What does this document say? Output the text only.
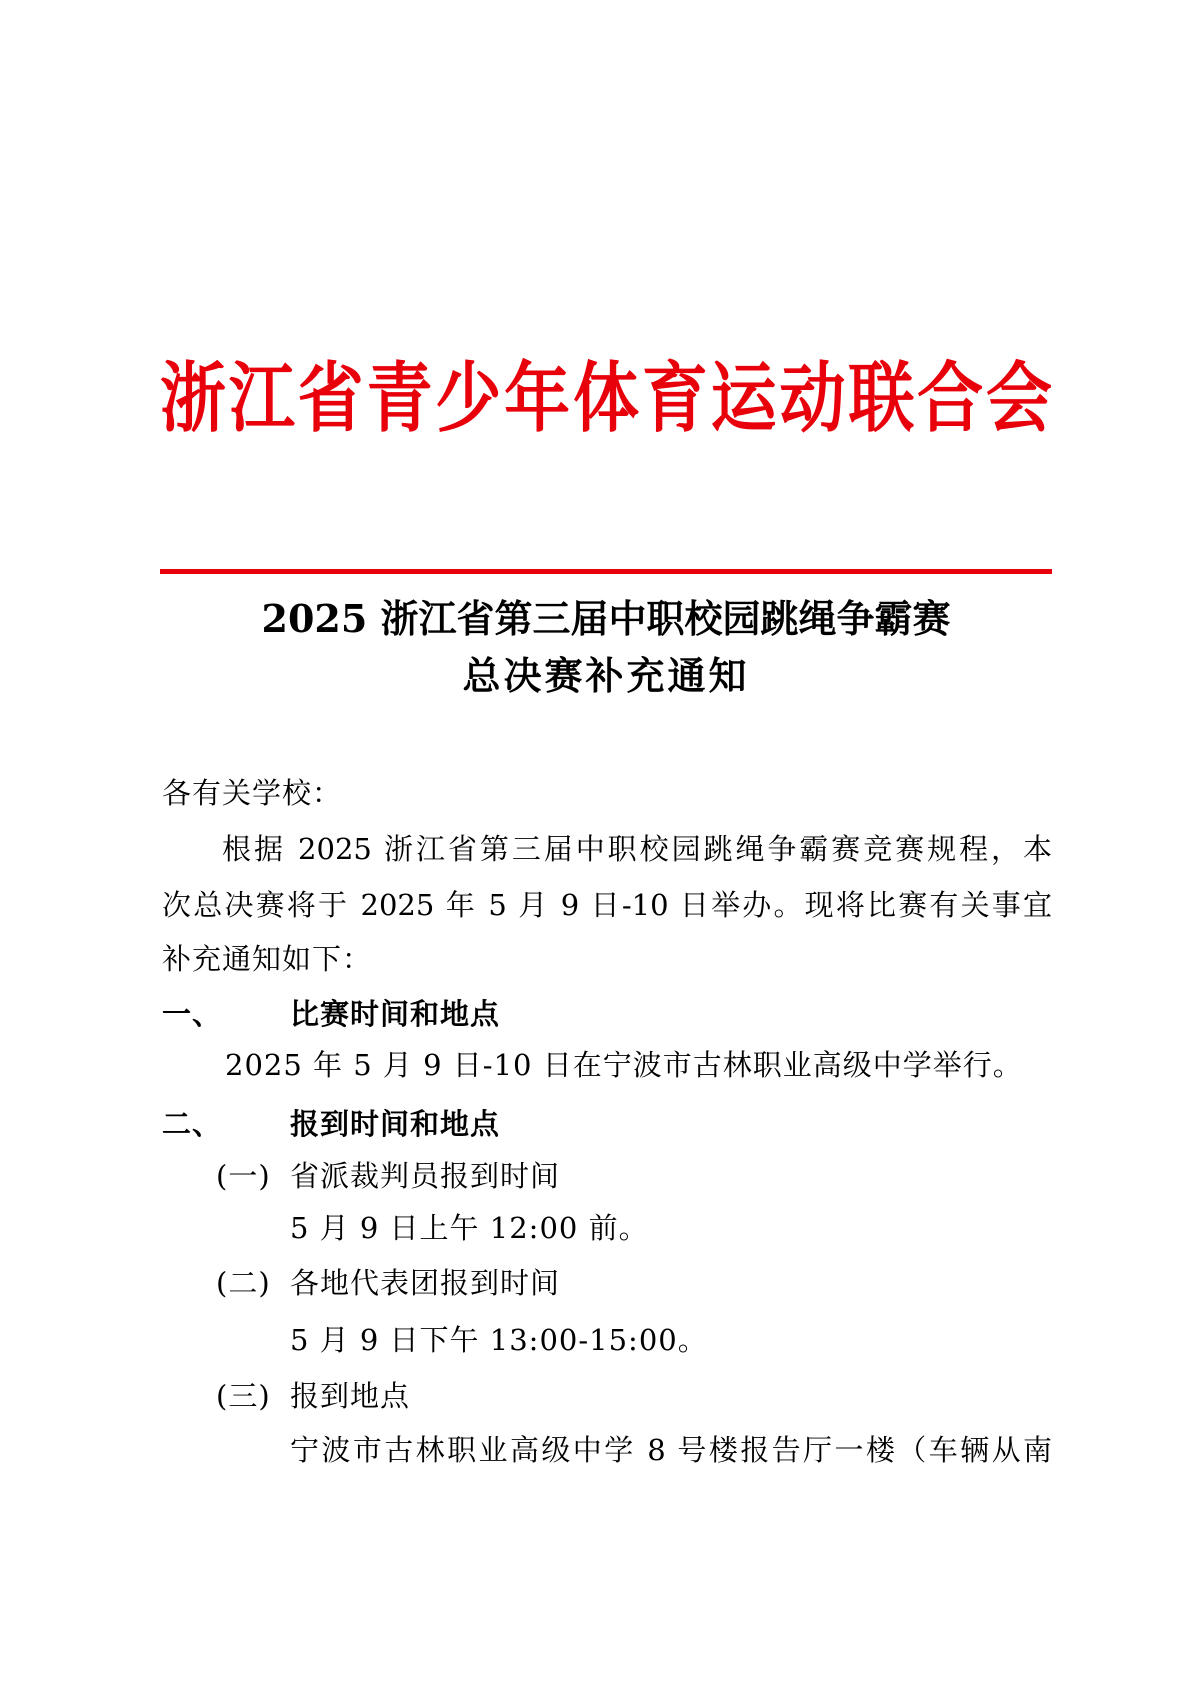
浙江省青少年体育运动联合会
2025 浙江省第三届中职校园跳绳争霸赛
总决赛补充通知
各有关学校：
根据 2025 浙江省第三届中职校园跳绳争霸赛竞赛规程，本
次总决赛将于 2025 年 5 月 9 日-10 日举办。现将比赛有关事宜
补充通知如下：
一、 比赛时间和地点
2025 年 5 月 9 日-10 日在宁波市古林职业高级中学举行。
二、 报到时间和地点
(一) 省派裁判员报到时间
5 月 9 日上午 12:00 前。
(二) 各地代表团报到时间
5 月 9 日下午 13:00-15:00。
(三) 报到地点
宁波市古林职业高级中学 8 号楼报告厅一楼（车辆从南
